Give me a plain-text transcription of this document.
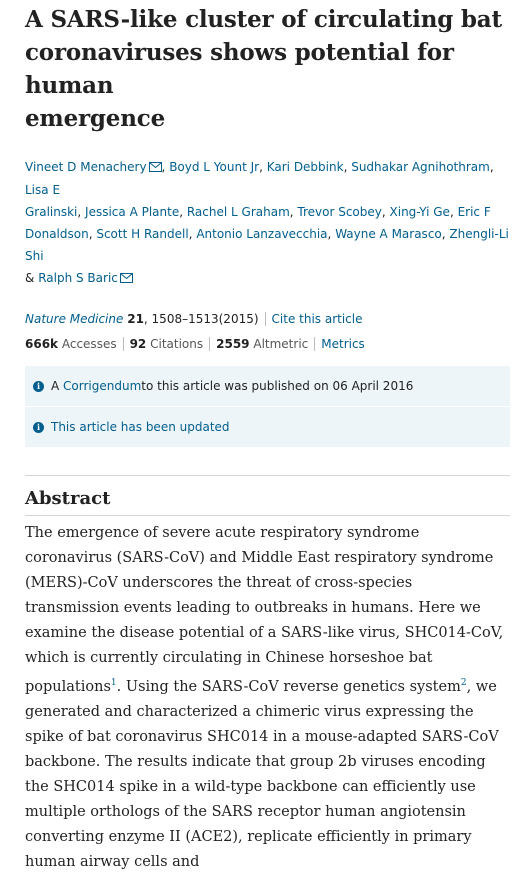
A SARS-like cluster of circulating bat
coronaviruses shows potential for human
emergence
Vineet D Menachery , Boyd L Yount Jr, Kari Debbink, Sudhakar Agnihothram, Lisa E
Gralinski, Jessica A Plante, Rachel L Graham, Trevor Scobey, Xing-Yi Ge, Eric F
Donaldson, Scott H Randell, Antonio Lanzavecchia, Wayne A Marasco, Zhengli-Li Shi
& Ralph S Baric
Nature Medicine 21, 1508–1513(2015) Cite this article
666k Accesses 92 Citations 2559 Altmetric Metrics
i A
Corrigendum to this article was published on 06 April 2016
i This article has been updated
Abstract

The emergence of severe acute respiratory syndrome coronavirus (SARS-CoV) and Middle East respiratory syndrome (MERS)-CoV underscores the threat of cross-species transmission events leading to outbreaks in humans. Here we examine the disease potential of a SARS-like virus, SHC014-CoV, which is currently circulating in Chinese horseshoe bat populations$^1$. Using the SARS-CoV reverse genetics system$^2$, we generated and characterized a chimeric virus expressing the spike of bat coronavirus SHC014 in a mouse-adapted SARS-CoV backbone. The results indicate that group 2b viruses encoding the SHC014 spike in a wild-type backbone can efficiently use multiple orthologs of the SARS receptor human angiotensin converting enzyme II (ACE2), replicate efficiently in primary human airway cells and
